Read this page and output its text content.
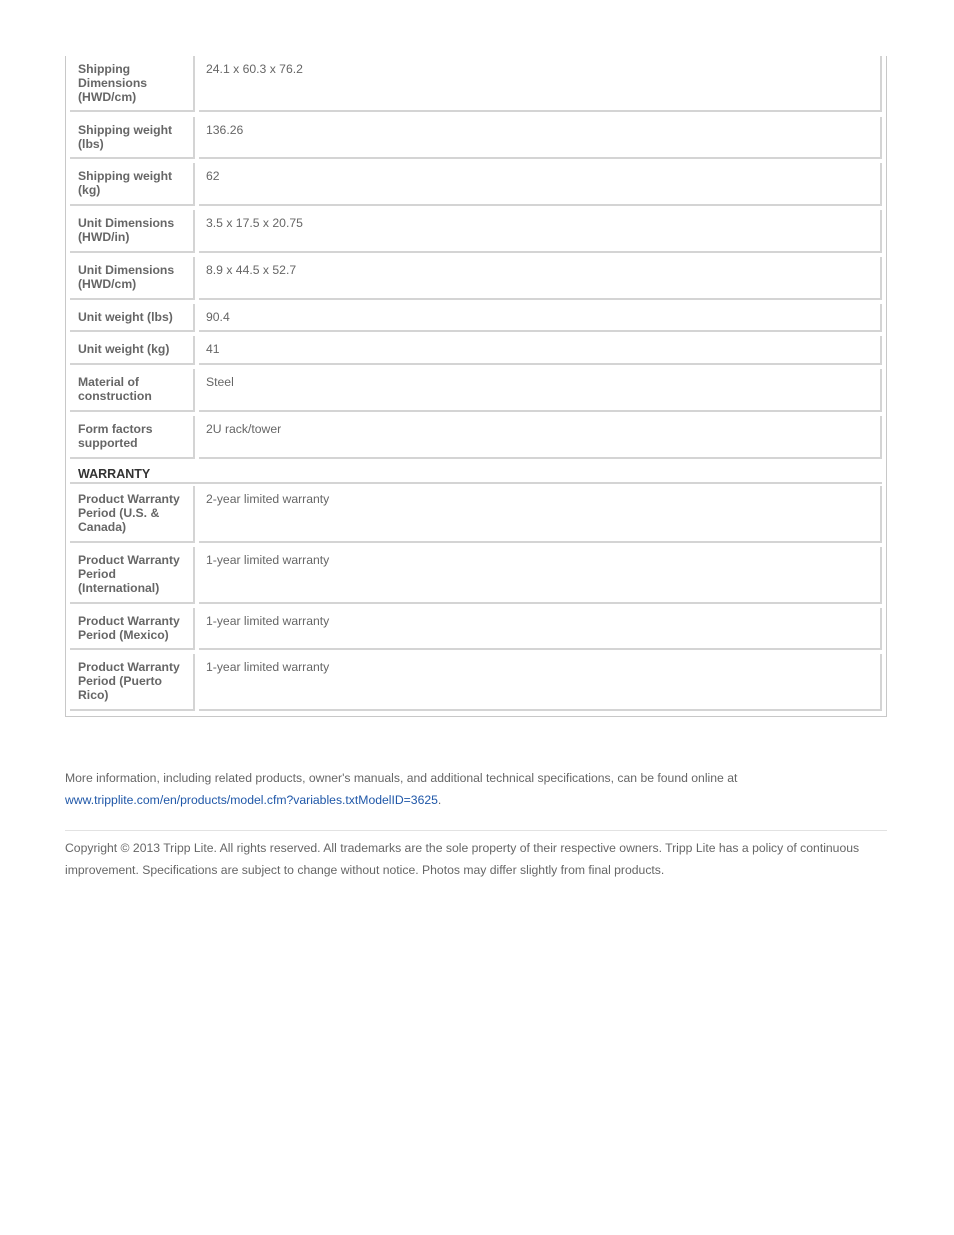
Shipping Dimensions (HWD/cm)
24.1 x 60.3 x 76.2
Shipping weight (lbs)
136.26
Shipping weight (kg)
62
Unit Dimensions (HWD/in)
3.5 x 17.5 x 20.75
Unit Dimensions (HWD/cm)
8.9 x 44.5 x 52.7
Unit weight (lbs)	90.4
Unit weight (kg)	41
Material of construction
Steel
Form factors supported
2U rack/tower
WARRANTY
Product Warranty Period (U.S. & Canada)
2-year limited warranty
Product Warranty Period (International)
1-year limited warranty
Product Warranty Period (Mexico)
1-year limited warranty
Product Warranty Period (Puerto Rico)
1-year limited warranty
More information, including related products, owner's manuals, and additional technical specifications, can be found online at
www.tripplite.com/en/products/model.cfm?variables.txtModelID=3625.
Copyright © 2013 Tripp Lite. All rights reserved. All trademarks are the sole property of their respective owners. Tripp Lite has a policy of continuous improvement. Specifications are subject to change without notice. Photos may differ slightly from final products.
